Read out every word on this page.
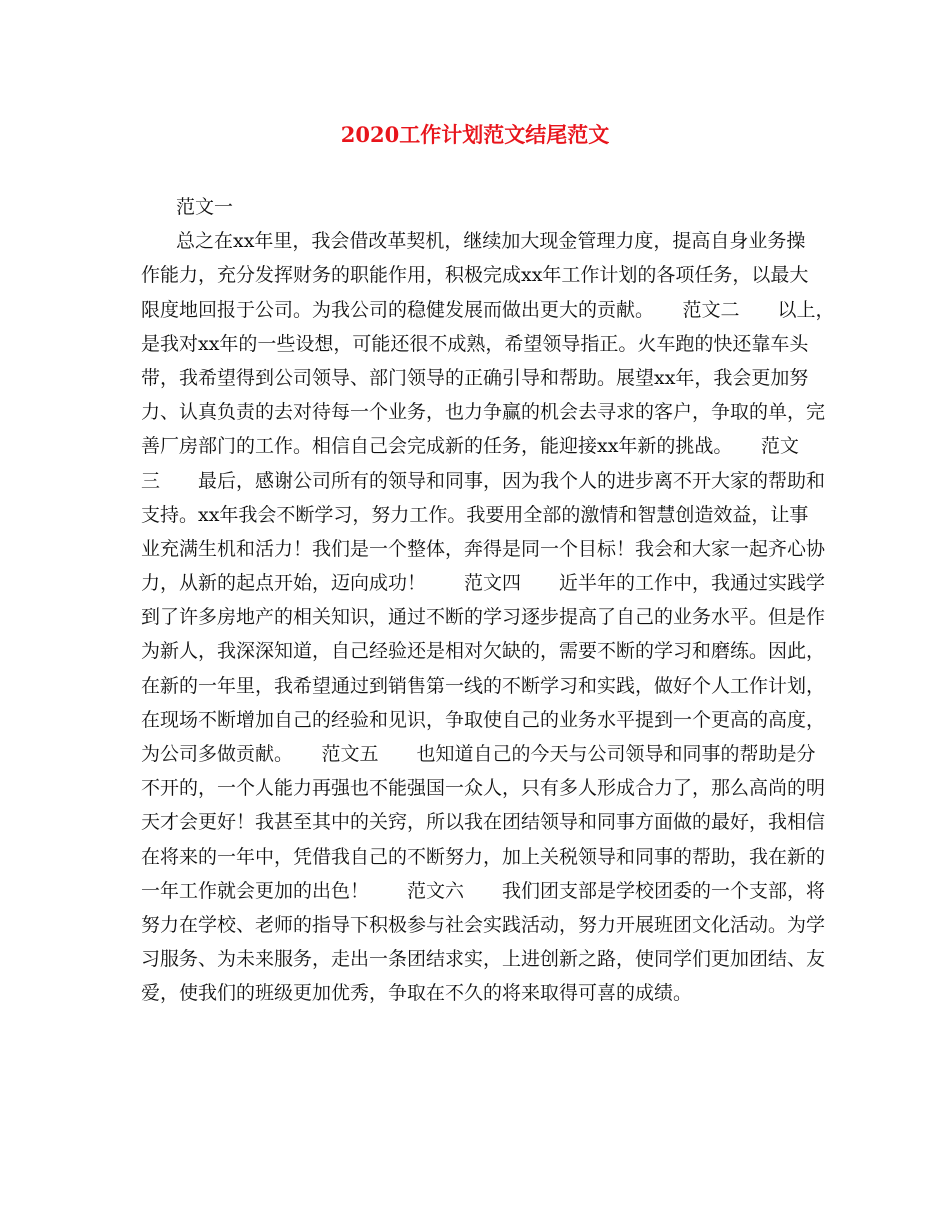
2020工作计划范文结尾范文
范文一
总之在xx年里，我会借改革契机，继续加大现金管理力度，提高自身业务操
作能力，充分发挥财务的职能作用，积极完成xx年工作计划的各项任务，以最大
限度地回报于公司。为我公司的稳健发展而做出更大的贡献。　　范文二　　以上，
是我对xx年的一些设想，可能还很不成熟，希望领导指正。火车跑的快还靠车头
带，我希望得到公司领导、部门领导的正确引导和帮助。展望xx年，我会更加努
力、认真负责的去对待每一个业务，也力争赢的机会去寻求的客户，争取的单，完
善厂房部门的工作。相信自己会完成新的任务，能迎接xx年新的挑战。　　范文
三　　最后，感谢公司所有的领导和同事，因为我个人的进步离不开大家的帮助和
支持。xx年我会不断学习，努力工作。我要用全部的激情和智慧创造效益，让事
业充满生机和活力！我们是一个整体，奔得是同一个目标！我会和大家一起齐心协
力，从新的起点开始，迈向成功！　　范文四　　近半年的工作中，我通过实践学
到了许多房地产的相关知识，通过不断的学习逐步提高了自己的业务水平。但是作
为新人，我深深知道，自己经验还是相对欠缺的，需要不断的学习和磨练。因此，
在新的一年里，我希望通过到销售第一线的不断学习和实践，做好个人工作计划，
在现场不断增加自己的经验和见识，争取使自己的业务水平提到一个更高的高度，
为公司多做贡献。　　范文五　　也知道自己的今天与公司领导和同事的帮助是分
不开的，一个人能力再强也不能强国一众人，只有多人形成合力了，那么高尚的明
天才会更好！我甚至其中的关窍，所以我在团结领导和同事方面做的最好，我相信
在将来的一年中，凭借我自己的不断努力，加上关税领导和同事的帮助，我在新的
一年工作就会更加的出色！　　范文六　　我们团支部是学校团委的一个支部，将
努力在学校、老师的指导下积极参与社会实践活动，努力开展班团文化活动。为学
习服务、为未来服务，走出一条团结求实，上进创新之路，使同学们更加团结、友
爱，使我们的班级更加优秀，争取在不久的将来取得可喜的成绩。
